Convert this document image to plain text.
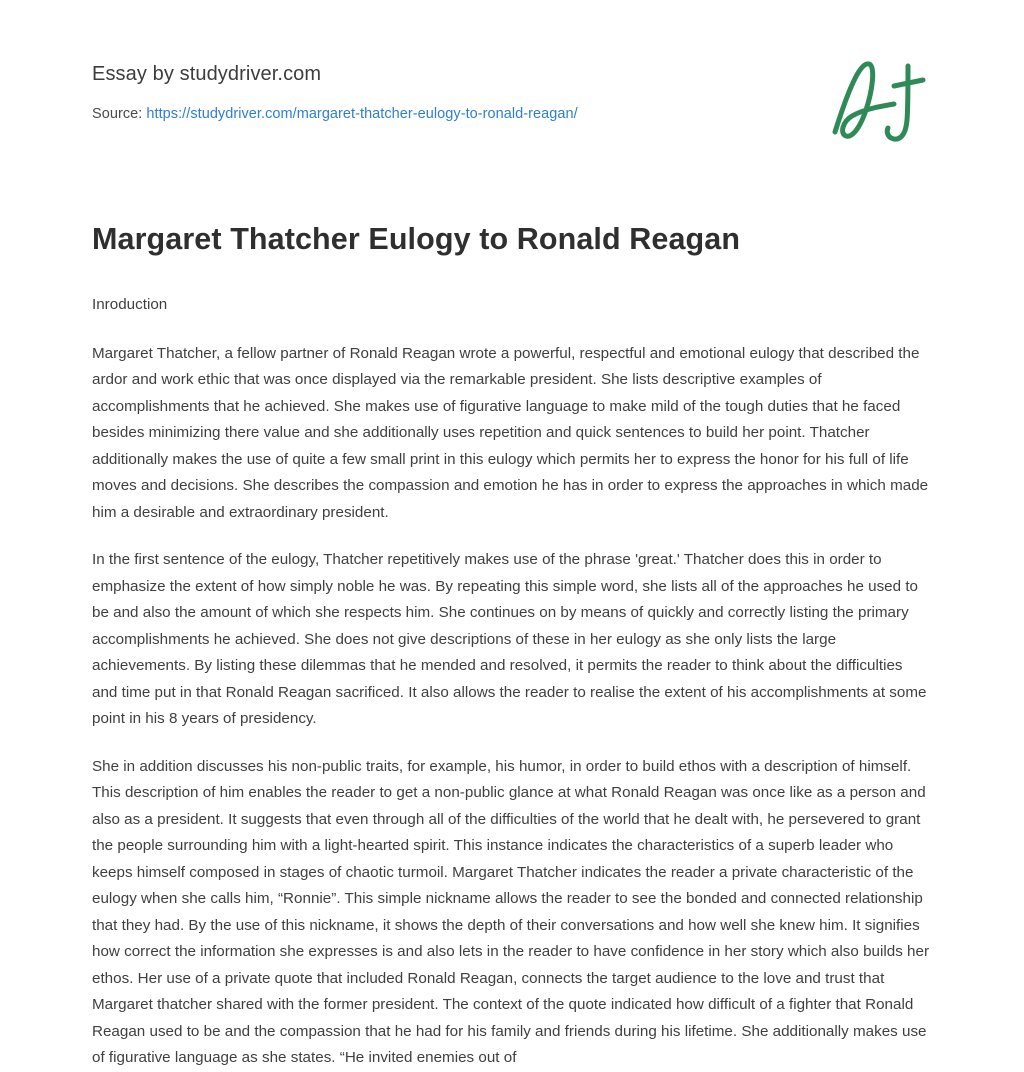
Essay by studydriver.com
Source: https://studydriver.com/margaret-thatcher-eulogy-to-ronald-reagan/
Margaret Thatcher Eulogy to Ronald Reagan

Inroduction

Margaret Thatcher, a fellow partner of Ronald Reagan wrote a powerful, respectful and emotional eulogy that described the ardor and work ethic that was once displayed via the remarkable president. She lists descriptive examples of accomplishments that he achieved. She makes use of figurative language to make mild of the tough duties that he faced besides minimizing there value and she additionally uses repetition and quick sentences to build her point. Thatcher additionally makes the use of quite a few small print in this eulogy which permits her to express the honor for his full of life moves and decisions. She describes the compassion and emotion he has in order to express the approaches in which made him a desirable and extraordinary president.

In the first sentence of the eulogy, Thatcher repetitively makes use of the phrase 'great.' Thatcher does this in order to emphasize the extent of how simply noble he was. By repeating this simple word, she lists all of the approaches he used to be and also the amount of which she respects him. She continues on by means of quickly and correctly listing the primary accomplishments he achieved. She does not give descriptions of these in her eulogy as she only lists the large achievements. By listing these dilemmas that he mended and resolved, it permits the reader to think about the difficulties and time put in that Ronald Reagan sacrificed. It also allows the reader to realise the extent of his accomplishments at some point in his 8 years of presidency.

She in addition discusses his non-public traits, for example, his humor, in order to build ethos with a description of himself. This description of him enables the reader to get a non-public glance at what Ronald Reagan was once like as a person and also as a president. It suggests that even through all of the difficulties of the world that he dealt with, he persevered to grant the people surrounding him with a light-hearted spirit. This instance indicates the characteristics of a superb leader who keeps himself composed in stages of chaotic turmoil. Margaret Thatcher indicates the reader a private characteristic of the eulogy when she calls him, “Ronnie”. This simple nickname allows the reader to see the bonded and connected relationship that they had. By the use of this nickname, it shows the depth of their conversations and how well she knew him. It signifies how correct the information she expresses is and also lets in the reader to have confidence in her story which also builds her ethos. Her use of a private quote that included Ronald Reagan, connects the target audience to the love and trust that Margaret thatcher shared with the former president. The context of the quote indicated how difficult of a fighter that Ronald Reagan used to be and the compassion that he had for his family and friends during his lifetime. She additionally makes use of figurative language as she states. “He invited enemies out of
